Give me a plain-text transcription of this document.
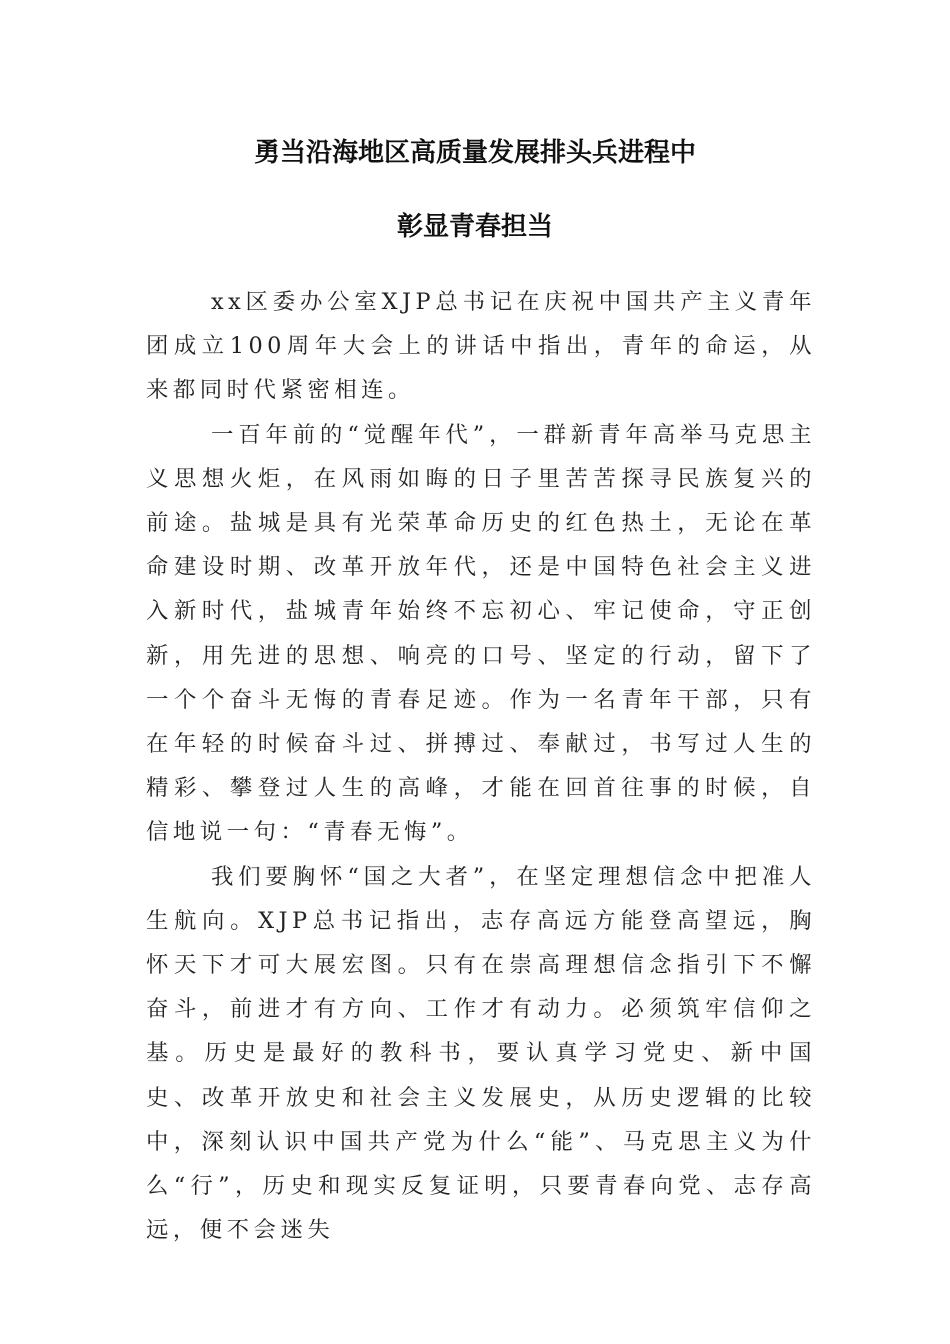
勇当沿海地区高质量发展排头兵进程中
彰显青春担当

xx区委办公室XJP总书记在庆祝中国共产主义青年团成立100周年大会上的讲话中指出，青年的命运，从来都同时代紧密相连。

一百年前的“觉醒年代”，一群新青年高举马克思主义思想火炬，在风雨如晦的日子里苦苦探寻民族复兴的前途。盐城是具有光荣革命历史的红色热土，无论在革命建设时期、改革开放年代，还是中国特色社会主义进入新时代，盐城青年始终不忘初心、牢记使命，守正创新，用先进的思想、响亮的口号、坚定的行动，留下了一个个奋斗无悔的青春足迹。作为一名青年干部，只有在年轻的时候奋斗过、拼搏过、奉献过，书写过人生的精彩、攀登过人生的高峰，才能在回首往事的时候，自信地说一句：“青春无悔”。

我们要胸怀“国之大者”，在坚定理想信念中把准人生航向。XJP总书记指出，志存高远方能登高望远，胸怀天下才可大展宏图。只有在崇高理想信念指引下不懈奋斗，前进才有方向、工作才有动力。必须筑牢信仰之基。历史是最好的教科书，要认真学习党史、新中国史、改革开放史和社会主义发展史，从历史逻辑的比较中，深刻认识中国共产党为什么“能”、马克思主义为什么“行”，历史和现实反复证明，只要青春向党、志存高远，便不会迷失
